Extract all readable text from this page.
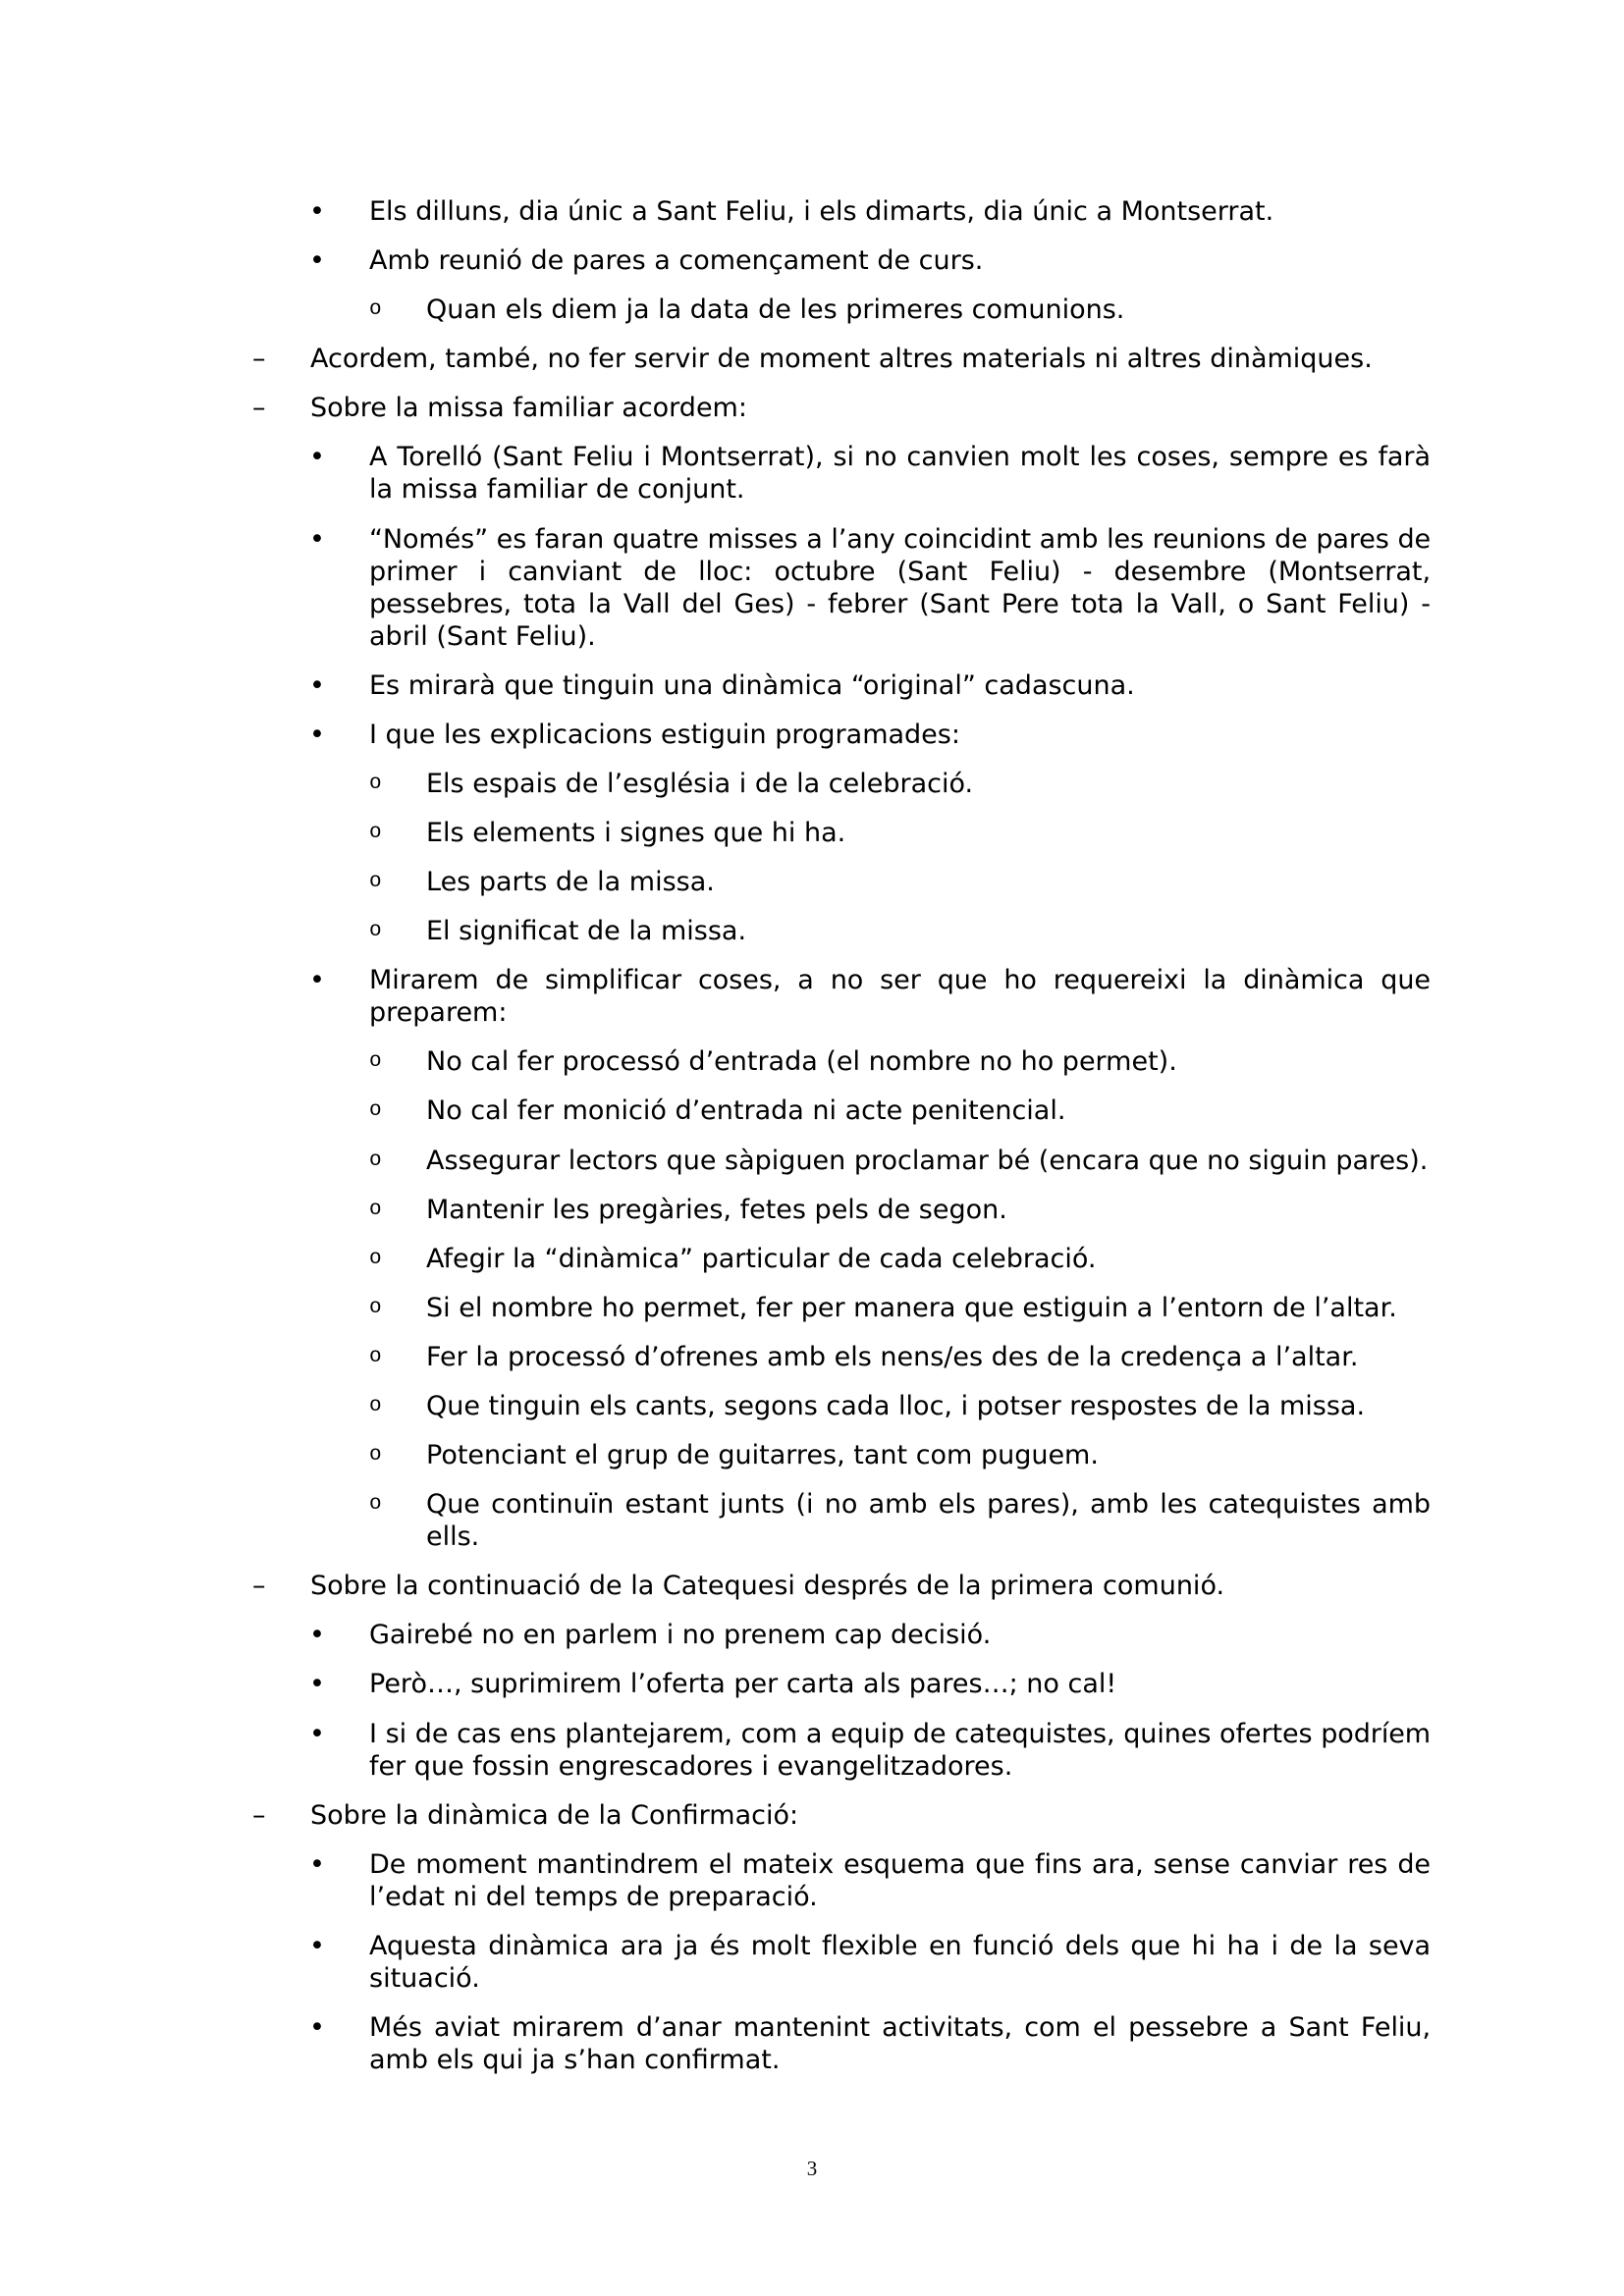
• Els dilluns, dia únic a Sant Feliu, i els dimarts, dia únic a Montserrat.
• Amb reunió de pares a començament de curs.
o Quan els diem ja la data de les primeres comunions.
– Acordem, també, no fer servir de moment altres materials ni altres dinàmiques.
– Sobre la missa familiar acordem:
• A Torelló (Sant Feliu i Montserrat), si no canvien molt les coses, sempre es farà
la missa familiar de conjunt.
• “Només” es faran quatre misses a l’any coincidint amb les reunions de pares de
primer i canviant de lloc: octubre (Sant Feliu) - desembre (Montserrat,
pessebres, tota la Vall del Ges) - febrer (Sant Pere tota la Vall, o Sant Feliu) -
abril (Sant Feliu).
• Es mirarà que tinguin una dinàmica “original” cadascuna.
• I que les explicacions estiguin programades:
o Els espais de l’església i de la celebració.
o Els elements i signes que hi ha.
o Les parts de la missa.
o El significat de la missa.
• Mirarem de simplificar coses, a no ser que ho requereixi la dinàmica que
preparem:
o No cal fer processó d’entrada (el nombre no ho permet).
o No cal fer monició d’entrada ni acte penitencial.
o Assegurar lectors que sàpiguen proclamar bé (encara que no siguin pares).
o Mantenir les pregàries, fetes pels de segon.
o Afegir la “dinàmica” particular de cada celebració.
o Si el nombre ho permet, fer per manera que estiguin a l’entorn de l’altar.
o Fer la processó d’ofrenes amb els nens/es des de la credença a l’altar.
o Que tinguin els cants, segons cada lloc, i potser respostes de la missa.
o Potenciant el grup de guitarres, tant com puguem.
o Que continuïn estant junts (i no amb els pares), amb les catequistes amb
ells.
– Sobre la continuació de la Catequesi després de la primera comunió.
• Gairebé no en parlem i no prenem cap decisió.
• Però…, suprimirem l’oferta per carta als pares…; no cal!
• I si de cas ens plantejarem, com a equip de catequistes, quines ofertes podríem
fer que fossin engrescadores i evangelitzadores.
– Sobre la dinàmica de la Confirmació:
• De moment mantindrem el mateix esquema que fins ara, sense canviar res de
l’edat ni del temps de preparació.
• Aquesta dinàmica ara ja és molt flexible en funció dels que hi ha i de la seva
situació.
• Més aviat mirarem d’anar mantenint activitats, com el pessebre a Sant Feliu,
amb els qui ja s’han confirmat.
3
